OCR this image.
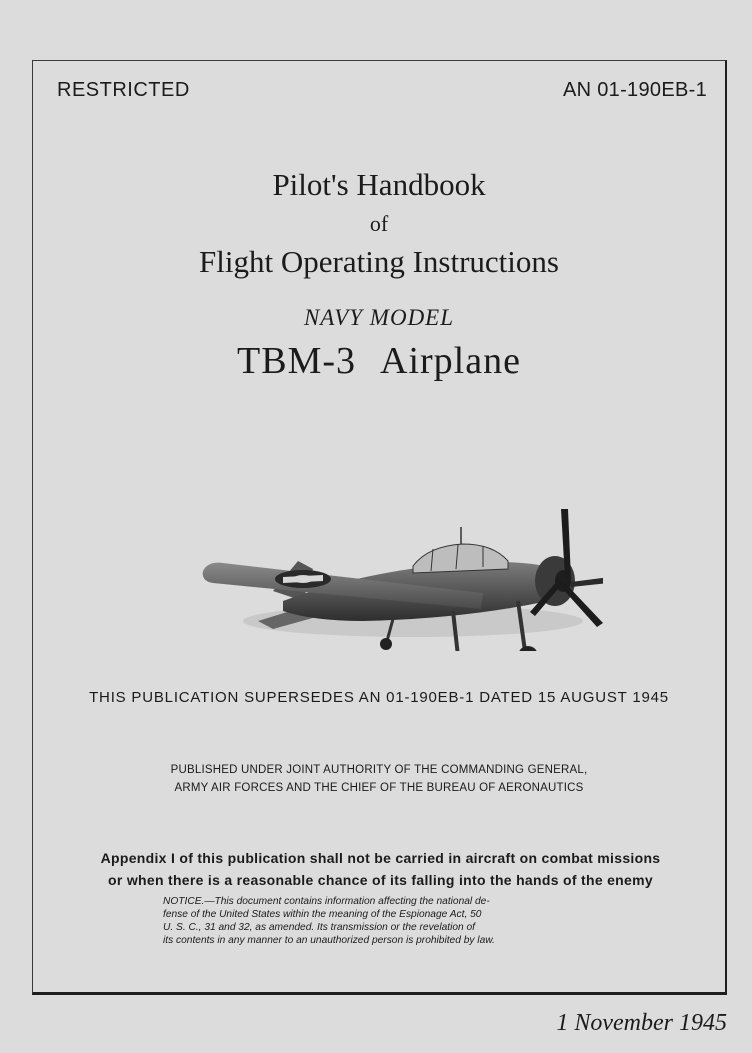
RESTRICTED	AN 01-190EB-1
Pilot's Handbook
of
Flight Operating Instructions
NAVY MODEL
TBM-3 Airplane
THIS PUBLICATION SUPERSEDES AN 01-190EB-1 DATED 15 AUGUST 1945
PUBLISHED UNDER JOINT AUTHORITY OF THE COMMANDING GENERAL,
ARMY AIR FORCES AND THE CHIEF OF THE BUREAU OF AERONAUTICS
Appendix I of this publication shall not be carried in aircraft on combat missions
or when there is a reasonable chance of its falling into the hands of the enemy
NOTICE.—This document contains information affecting the national de-
fense of the United States within the meaning of the Espionage Act, 50
U. S. C., 31 and 32, as amended. Its transmission or the revelation of
its contents in any manner to an unauthorized person is prohibited by law.
1 November 1945
